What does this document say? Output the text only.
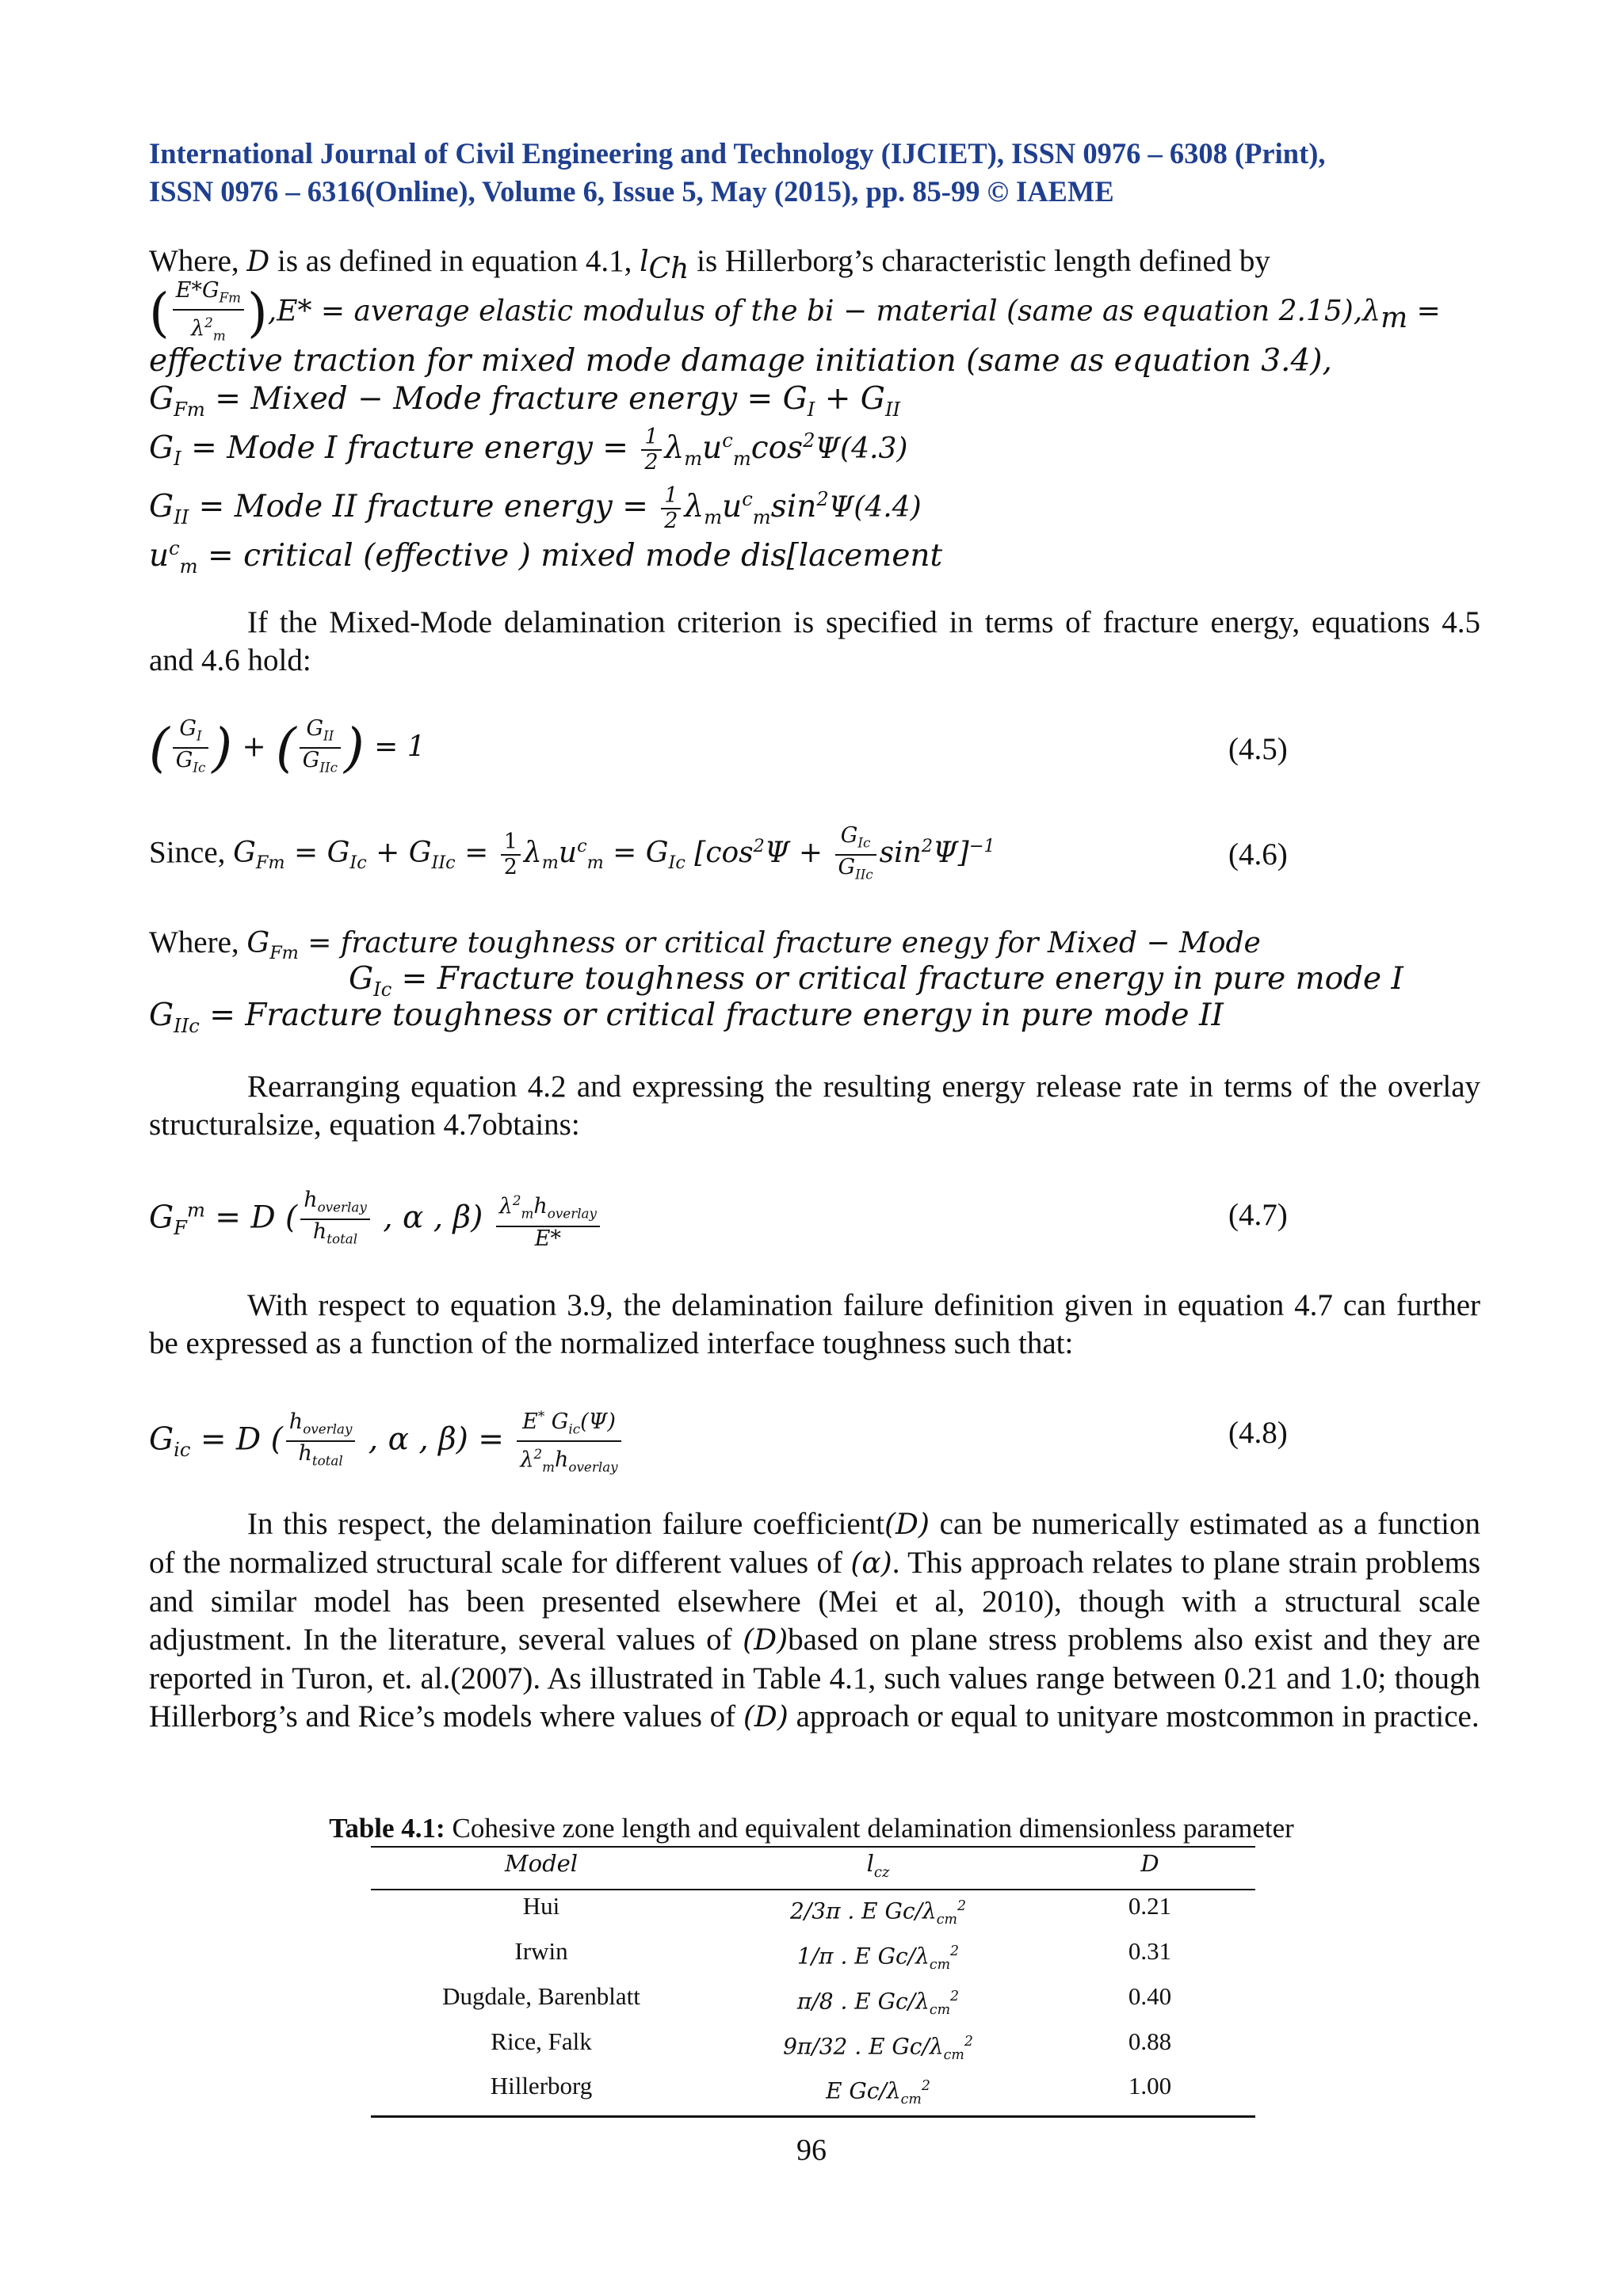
International Journal of Civil Engineering and Technology (IJCIET), ISSN 0976 – 6308 (Print),
ISSN 0976 – 6316(Online), Volume 6, Issue 5, May (2015), pp. 85-99 © IAEME
Where, D is as defined in equation 4.1, $l_{Ch}$ is Hillerborg’s characteristic length defined by
( $\frac{E*G_{Fm}}{\lambda^2_m} ),E*$ = average elastic modulus of the bi − material (same as equation $2.15),\lambda_m$ =
effective traction for mixed mode damage initiation (same as equation 3.4),
$G_{Fm}$ = Mixed − Mode fracture energy = $G_I + G_{II}$
$G_I$ = Mode I fracture energy = $\frac{1}{2} \lambda_mu^c_m\cos^2\Psi(4.3)$
$G_{II}$ = Mode II fracture energy = $\frac{1}{2} \lambda_mu^c_m\sin^2\Psi(4.4)$
$u^c_m$ = critical (effective ) mixed mode dis[lacement
If the Mixed-Mode delamination criterion is specified in terms of fracture energy, equations 4.5 and 4.6 hold:
( $\frac{G_I}{G_{Ic}}$ ) + ( $\frac{G_{II}}{G_{IIc}}$ ) = 1	(4.5)
Since, $G_{Fm} = G_{Ic} + G_{IIc} = \frac{1}{2} \lambda_mu^c_m = G_{Ic}$ $[\cos^2\Psi + \frac{G_{Ic}}{G_{IIc}} \sin^2\Psi]^{-1}$	(4.6)
Where, $G_{Fm}$ = fracture toughness or critical fracture enegy for Mixed − Mode
$G_{Ic}$ = Fracture toughness or critical fracture energy in pure mode I
$G_{IIc}$ = Fracture toughness or critical fracture energy in pure mode II
Rearranging equation 4.2 and expressing the resulting energy release rate in terms of the overlay structuralsize, equation 4.7obtains:
$G_F^m = D$ ( $\frac{h_{overlay}}{h_{total}}$ , α , $\beta) \frac{\lambda^2_mh_{overlay}}{E*}$	(4.7)
With respect to equation 3.9, the delamination failure definition given in equation 4.7 can further be expressed as a function of the normalized interface toughness such that:
$G_{ic} = D$ ( $\frac{h_{overlay}}{h_{total}}$ , α , $\beta) = \frac{E^* G_{ic}(\Psi)}{\lambda^2_mh_{overlay}}$	(4.8)
In this respect, the delamination failure coefficient(D) can be numerically estimated as a function of the normalized structural scale for different values of (α). This approach relates to plane strain problems and similar model has been presented elsewhere (Mei et al, 2010), though with a structural scale adjustment. In the literature, several values of (D)based on plane stress problems also exist and they are reported in Turon, et. al.(2007). As illustrated in Table 4.1, such values range between 0.21 and 1.0; though Hillerborg’s and Rice’s models where values of (D) approach or equal to unityare mostcommon in practice.
Table 4.1: Cohesive zone length and equivalent delamination dimensionless parameter
Model	$l_{cz}$	D
Hui	2/3π . E $Gc/\lambda_{cm}^2$	0.21
Irwin	1/π . E $Gc/\lambda_{cm}^2$	0.31
Dugdale, Barenblatt	π/8 . E $Gc/\lambda_{cm}^2$	0.40
Rice, Falk	9π/32 . E $Gc/\lambda_{cm}^2$	0.88
Hillerborg	E $Gc/\lambda_{cm}^2$	1.00
96
